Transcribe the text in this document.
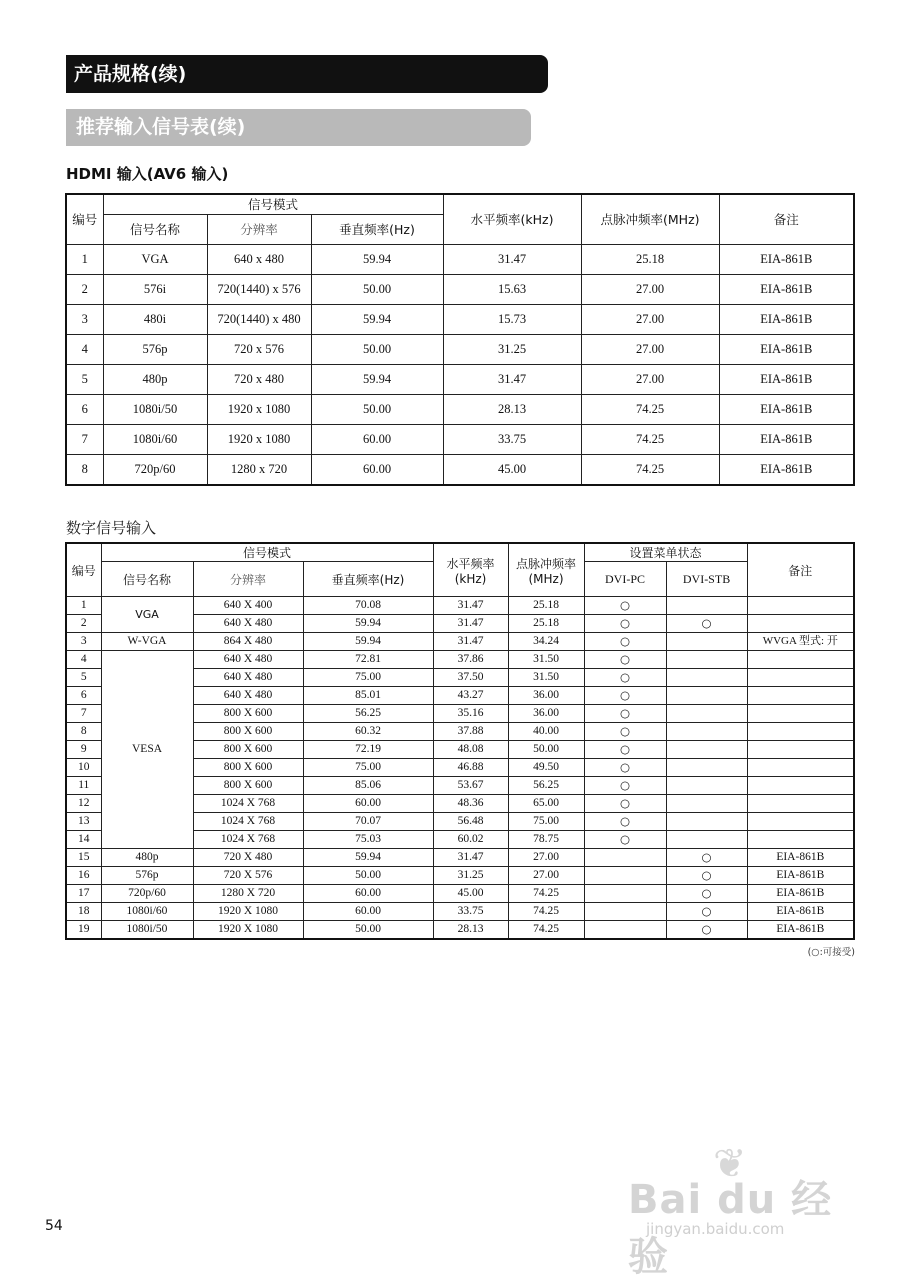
产品规格(续)
推荐输入信号表(续)
HDMI 输入(AV6 输入)
编号	信号模式			水平频率(kHz)	点脉冲频率(MHz)	备注
	信号名称	分辨率	垂直频率(Hz)			
1	VGA	640 x 480	59.94	31.47	25.18	EIA-861B
2	576i	720(1440) x 576	50.00	15.63	27.00	EIA-861B
3	480i	720(1440) x 480	59.94	15.73	27.00	EIA-861B
4	576p	720 x 576	50.00	31.25	27.00	EIA-861B
5	480p	720 x 480	59.94	31.47	27.00	EIA-861B
6	1080i/50	1920 x 1080	50.00	28.13	74.25	EIA-861B
7	1080i/60	1920 x 1080	60.00	33.75	74.25	EIA-861B
8	720p/60	1280 x 720	60.00	45.00	74.25	EIA-861B
数字信号输入
编号	信号模式			水平频率(kHz)	点脉冲频率(MHz)	设置菜单状态		备注
	信号名称	分辨率	垂直频率(Hz)			DVI-PC	DVI-STB	
1	VGA	640 X 400	70.08	31.47	25.18	○		
2		640 X 480	59.94	31.47	25.18	○	○	
3	W-VGA	864 X 480	59.94	31.47	34.24	○		WVGA 型式: 开
4	VESA	640 X 480	72.81	37.86	31.50	○		
5		640 X 480	75.00	37.50	31.50	○		
6		640 X 480	85.01	43.27	36.00	○		
7		800 X 600	56.25	35.16	36.00	○		
8		800 X 600	60.32	37.88	40.00	○		
9		800 X 600	72.19	48.08	50.00	○		
10		800 X 600	75.00	46.88	49.50	○		
11		800 X 600	85.06	53.67	56.25	○		
12		1024 X 768	60.00	48.36	65.00	○		
13		1024 X 768	70.07	56.48	75.00	○		
14		1024 X 768	75.03	60.02	78.75	○		
15	480p	720 X 480	59.94	31.47	27.00		○	EIA-861B
16	576p	720 X 576	50.00	31.25	27.00		○	EIA-861B
17	720p/60	1280 X 720	60.00	45.00	74.25		○	EIA-861B
18	1080i/60	1920 X 1080	60.00	33.75	74.25		○	EIA-861B
19	1080i/50	1920 X 1080	50.00	28.13	74.25		○	EIA-861B
(○:可接受)
❦
Bai du 经验
jingyan.baidu.com
54
